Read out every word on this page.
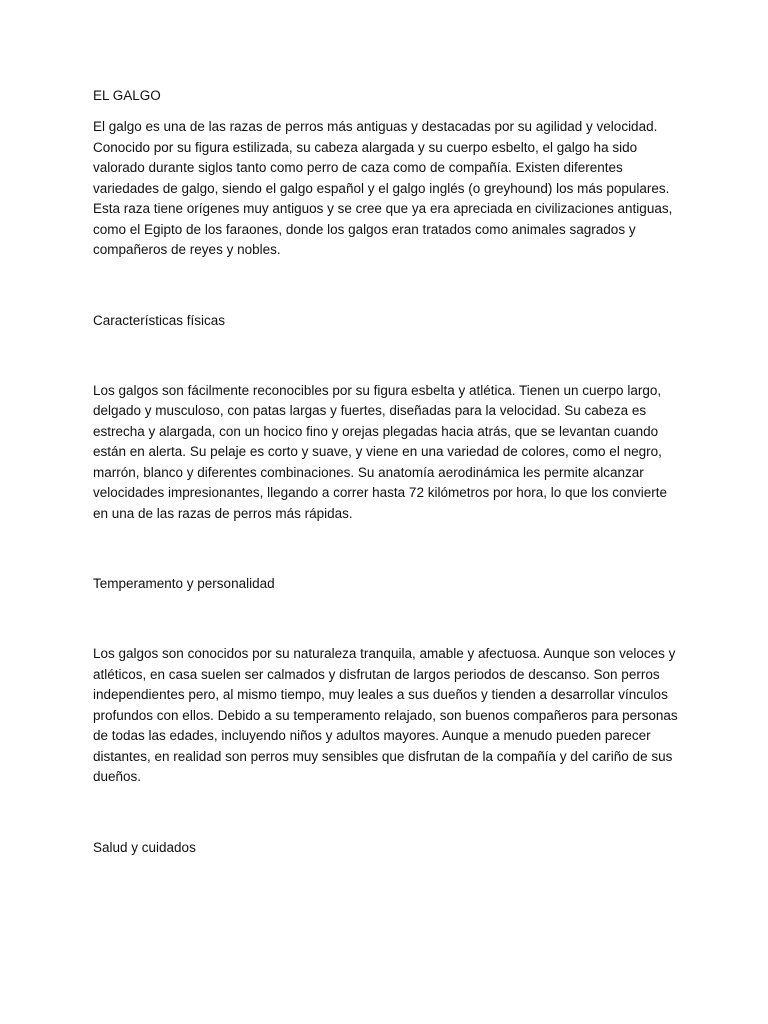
EL GALGO

El galgo es una de las razas de perros más antiguas y destacadas por su agilidad y velocidad. Conocido por su figura estilizada, su cabeza alargada y su cuerpo esbelto, el galgo ha sido valorado durante siglos tanto como perro de caza como de compañía. Existen diferentes variedades de galgo, siendo el galgo español y el galgo inglés (o greyhound) los más populares. Esta raza tiene orígenes muy antiguos y se cree que ya era apreciada en civilizaciones antiguas, como el Egipto de los faraones, donde los galgos eran tratados como animales sagrados y compañeros de reyes y nobles.

Características físicas

Los galgos son fácilmente reconocibles por su figura esbelta y atlética. Tienen un cuerpo largo, delgado y musculoso, con patas largas y fuertes, diseñadas para la velocidad. Su cabeza es estrecha y alargada, con un hocico fino y orejas plegadas hacia atrás, que se levantan cuando están en alerta. Su pelaje es corto y suave, y viene en una variedad de colores, como el negro, marrón, blanco y diferentes combinaciones. Su anatomía aerodinámica les permite alcanzar velocidades impresionantes, llegando a correr hasta 72 kilómetros por hora, lo que los convierte en una de las razas de perros más rápidas.

Temperamento y personalidad

Los galgos son conocidos por su naturaleza tranquila, amable y afectuosa. Aunque son veloces y atléticos, en casa suelen ser calmados y disfrutan de largos periodos de descanso. Son perros independientes pero, al mismo tiempo, muy leales a sus dueños y tienden a desarrollar vínculos profundos con ellos. Debido a su temperamento relajado, son buenos compañeros para personas de todas las edades, incluyendo niños y adultos mayores. Aunque a menudo pueden parecer distantes, en realidad son perros muy sensibles que disfrutan de la compañía y del cariño de sus dueños.

Salud y cuidados
